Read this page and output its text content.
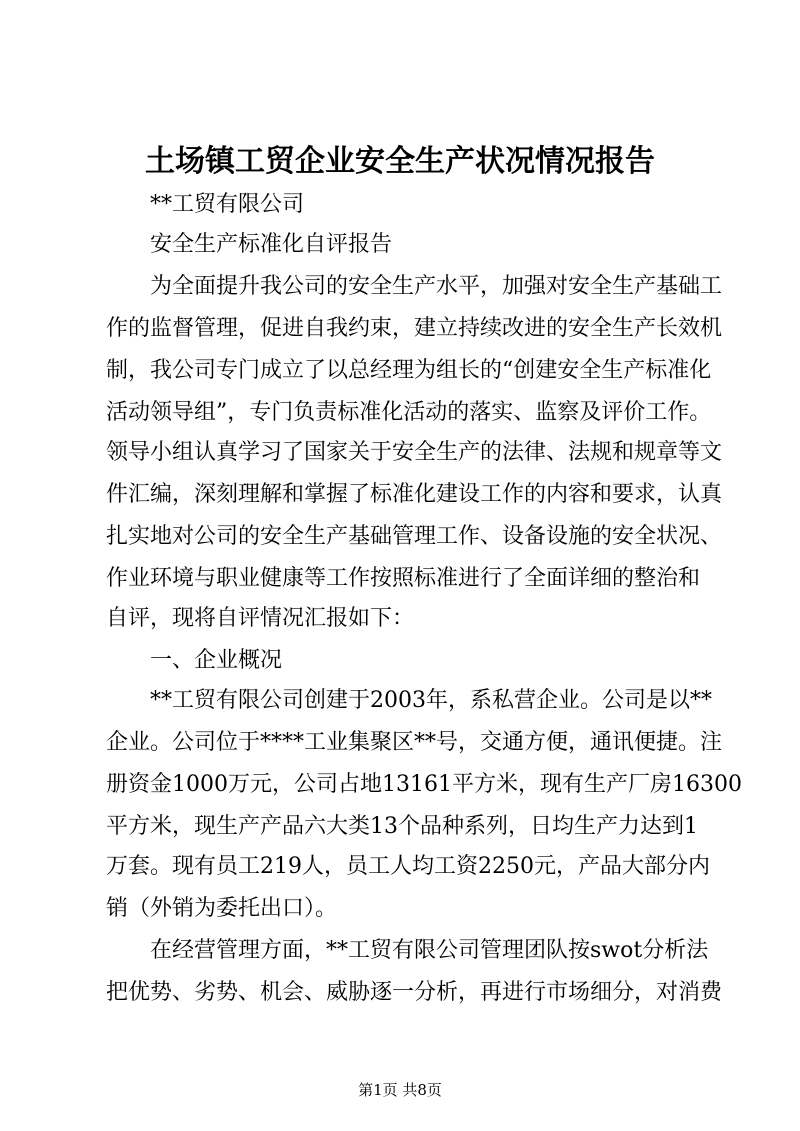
土场镇工贸企业安全生产状况情况报告
**工贸有限公司
安全生产标准化自评报告
为全面提升我公司的安全生产水平，加强对安全生产基础工
作的监督管理，促进自我约束，建立持续改进的安全生产长效机
制，我公司专门成立了以总经理为组长的“创建安全生产标准化
活动领导组”，专门负责标准化活动的落实、监察及评价工作。
领导小组认真学习了国家关于安全生产的法律、法规和规章等文
件汇编，深刻理解和掌握了标准化建设工作的内容和要求，认真
扎实地对公司的安全生产基础管理工作、设备设施的安全状况、
作业环境与职业健康等工作按照标准进行了全面详细的整治和
自评，现将自评情况汇报如下：
一、企业概况
**工贸有限公司创建于2003年，系私营企业。公司是以**
企业。公司位于****工业集聚区**号，交通方便，通讯便捷。注
册资金1000万元，公司占地13161平方米，现有生产厂房16300
平方米，现生产产品六大类13个品种系列，日均生产力达到1
万套。现有员工219人，员工人均工资2250元，产品大部分内
销（外销为委托出口）。
在经营管理方面，**工贸有限公司管理团队按swot分析法
把优势、劣势、机会、威胁逐一分析，再进行市场细分，对消费
第1页 共8页
